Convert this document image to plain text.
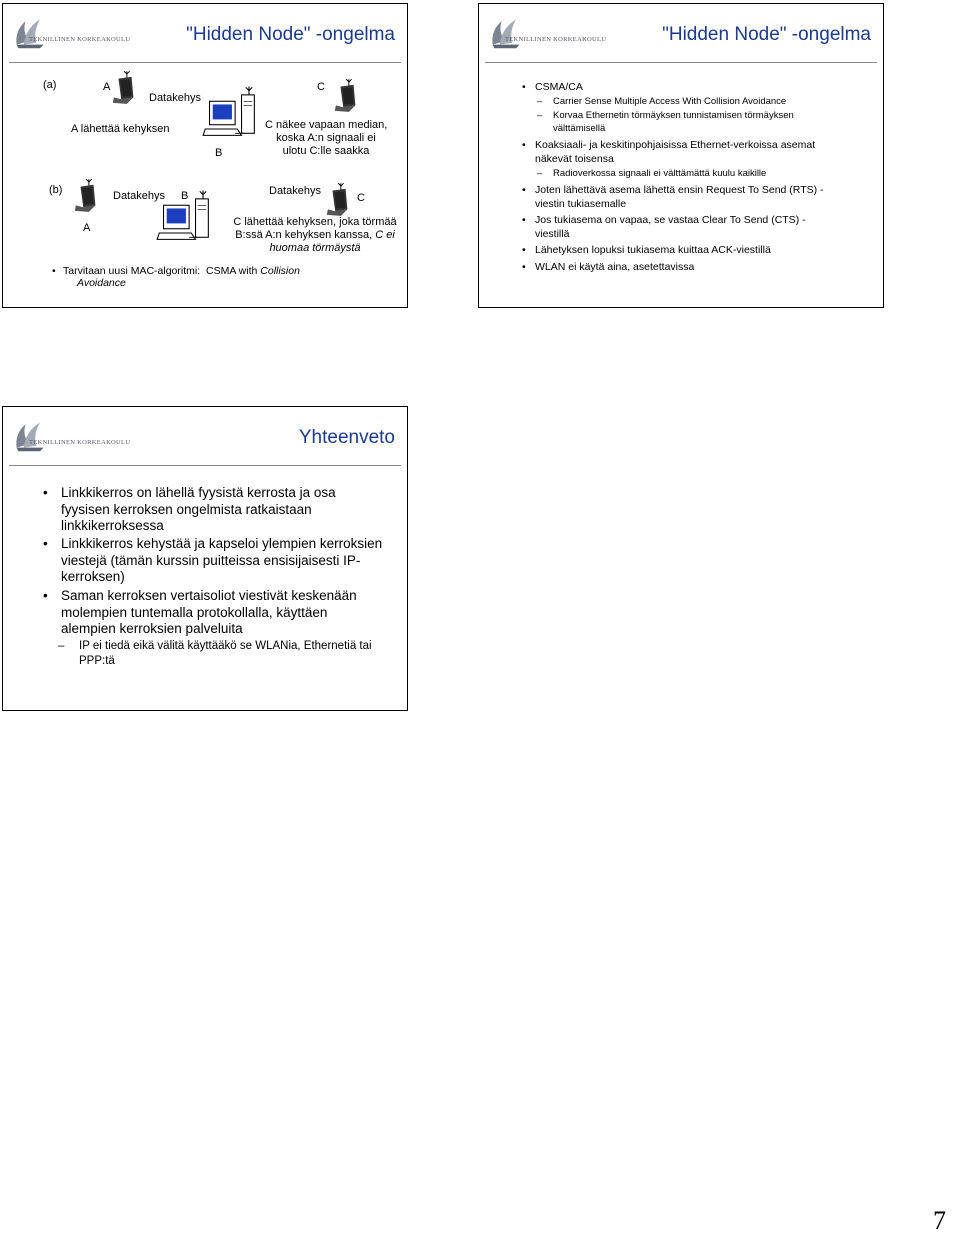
TEKNILLINEN KORKEAKOULU	"Hidden Node" -ongelma
(a)	A
Datakehys
C
A lähettää kehyksen
B
C näkee vapaan median,
koska A:n signaali ei
ulotu C:lle saakka
(b)	Datakehys B	Datakehys
C
A	C lähettää kehyksen, joka törmää
B:ssä A:n kehyksen kanssa, C ei
huomaa törmäystä
• Tarvitaan uusi MAC-algoritmi: CSMA with Collision
Avoidance
TEKNILLINEN KORKEAKOULU	"Hidden Node" -ongelma
• CSMA/CA
– Carrier Sense Multiple Access With Collision Avoidance
– Korvaa Ethernetin törmäyksen tunnistamisen törmäyksen
välttämisellä
• Koaksiaali- ja keskitinpohjaisissa Ethernet-verkoissa asemat
näkevät toisensa
– Radioverkossa signaali ei välttämättä kuulu kaikille
• Joten lähettävä asema lähettä ensin Request To Send (RTS) -
viestin tukiasemalle
• Jos tukiasema on vapaa, se vastaa Clear To Send (CTS) -
viestillä
• Lähetyksen lopuksi tukiasema kuittaa ACK-viestillä
• WLAN ei käytä aina, asetettavissa
TEKNILLINEN KORKEAKOULU	Yhteenveto
• Linkkikerros on lähellä fyysistä kerrosta ja osa
fyysisen kerroksen ongelmista ratkaistaan
linkkikerroksessa
• Linkkikerros kehystää ja kapseloi ylempien kerroksien
viestejä (tämän kurssin puitteissa ensisijaisesti IP-
kerroksen)
• Saman kerroksen vertaisoliot viestivät keskenään
molempien tuntemalla protokollalla, käyttäen
alempien kerroksien palveluita
– IP ei tiedä eikä välitä käyttääkö se WLANia, Ethernetiä tai
PPP:tä
7
